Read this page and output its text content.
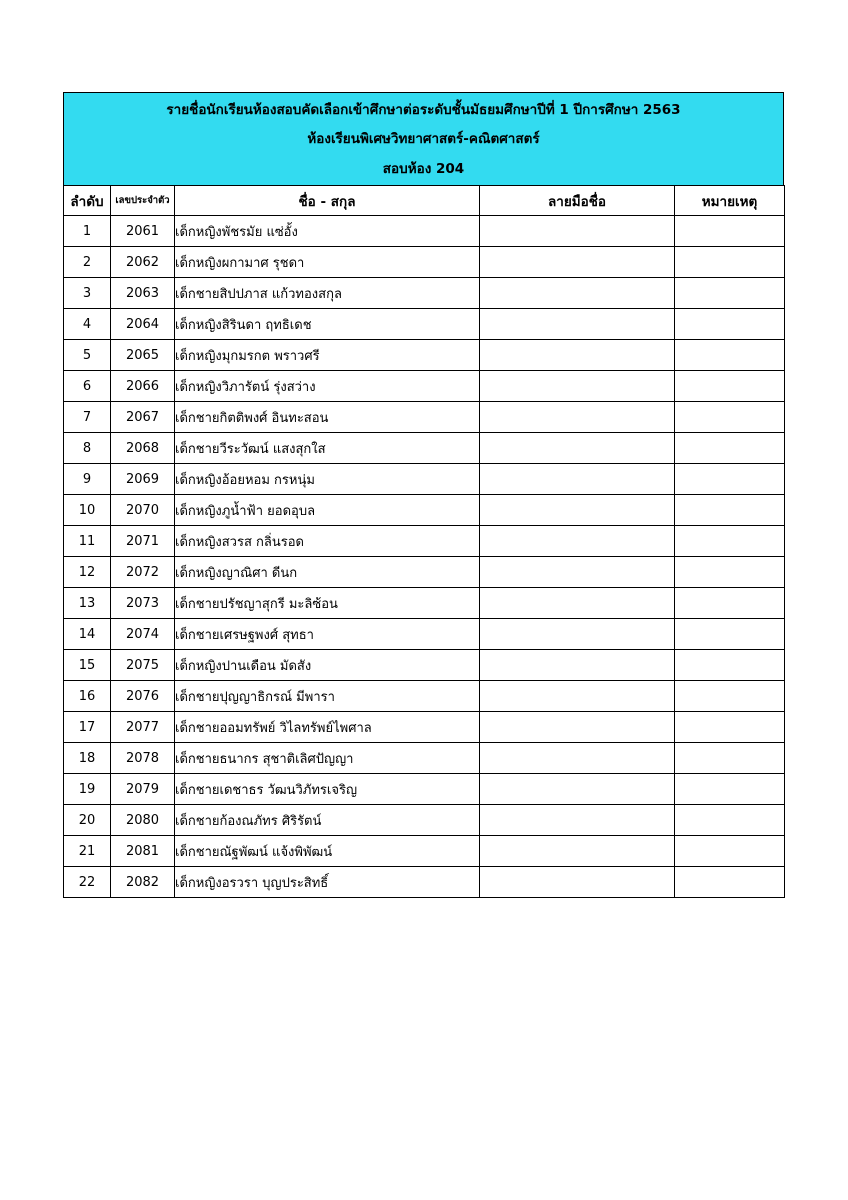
รายชื่อนักเรียนห้องสอบคัดเลือกเข้าศึกษาต่อระดับชั้นมัธยมศึกษาปีที่ 1 ปีการศึกษา 2563
ห้องเรียนพิเศษวิทยาศาสตร์-คณิตศาสตร์
สอบห้อง 204
ลำดับ	เลขประจำตัว	ชื่อ - สกุล	ลายมือชื่อ	หมายเหตุ
1	2061	เด็กหญิงพัชรมัย แซ่อั้ง		
2	2062	เด็กหญิงผกามาศ รุชดา		
3	2063	เด็กชายสิปปภาส แก้วทองสกุล		
4	2064	เด็กหญิงสิรินดา ฤทธิเดช		
5	2065	เด็กหญิงมุกมรกต พราวศรี		
6	2066	เด็กหญิงวิภารัตน์ รุ่งสว่าง		
7	2067	เด็กชายกิตติพงศ์ อินทะสอน		
8	2068	เด็กชายวีระวัฒน์ แสงสุกใส		
9	2069	เด็กหญิงอ้อยหอม กรหนุ่ม		
10	2070	เด็กหญิงภูน้ำฟ้า ยอดอุบล		
11	2071	เด็กหญิงสวรส กลิ่นรอด		
12	2072	เด็กหญิงญาณิศา ดีนก		
13	2073	เด็กชายปรัชญาสุกรี มะลิซ้อน		
14	2074	เด็กชายเศรษฐพงศ์ สุทธา		
15	2075	เด็กหญิงปานเดือน มัดสัง		
16	2076	เด็กชายปุญญาธิกรณ์ มีพารา		
17	2077	เด็กชายออมทรัพย์ วิไลทรัพย์ไพศาล		
18	2078	เด็กชายธนากร สุชาติเลิศปัญญา		
19	2079	เด็กชายเดชาธร วัฒนวิภัทรเจริญ		
20	2080	เด็กชายก้องณภัทร ศิริรัตน์		
21	2081	เด็กชายณัฐพัฒน์ แจ้งพิพัฒน์		
22	2082	เด็กหญิงอรวรา บุญประสิทธิ์		
